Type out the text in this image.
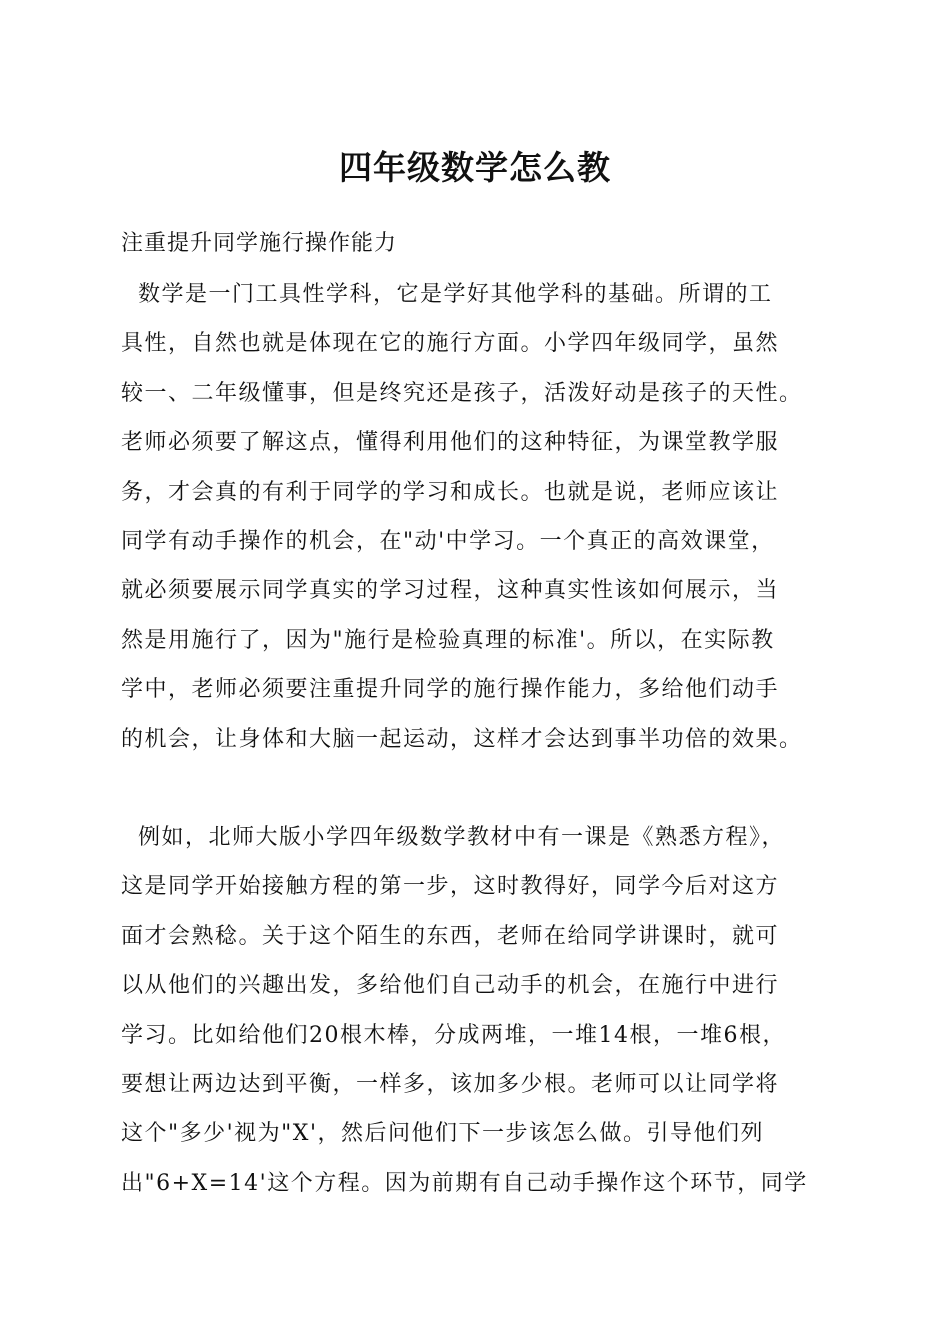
四年级数学怎么教
注重提升同学施行操作能力
数学是一门工具性学科，它是学好其他学科的基础。所谓的工
具性，自然也就是体现在它的施行方面。小学四年级同学，虽然
较一、二年级懂事，但是终究还是孩子，活泼好动是孩子的天性。
老师必须要了解这点，懂得利用他们的这种特征，为课堂教学服
务，才会真的有利于同学的学习和成长。也就是说，老师应该让
同学有动手操作的机会，在"动'中学习。一个真正的高效课堂，
就必须要展示同学真实的学习过程，这种真实性该如何展示，当
然是用施行了，因为"施行是检验真理的标准'。所以，在实际教
学中，老师必须要注重提升同学的施行操作能力，多给他们动手
的机会，让身体和大脑一起运动，这样才会达到事半功倍的效果。
例如，北师大版小学四年级数学教材中有一课是《熟悉方程》，
这是同学开始接触方程的第一步，这时教得好，同学今后对这方
面才会熟稔。关于这个陌生的东西，老师在给同学讲课时，就可
以从他们的兴趣出发，多给他们自己动手的机会，在施行中进行
学习。比如给他们20根木棒，分成两堆，一堆14根，一堆6根，
要想让两边达到平衡，一样多，该加多少根。老师可以让同学将
这个"多少'视为"X'，然后问他们下一步该怎么做。引导他们列
出"6+X=14'这个方程。因为前期有自己动手操作这个环节，同学
